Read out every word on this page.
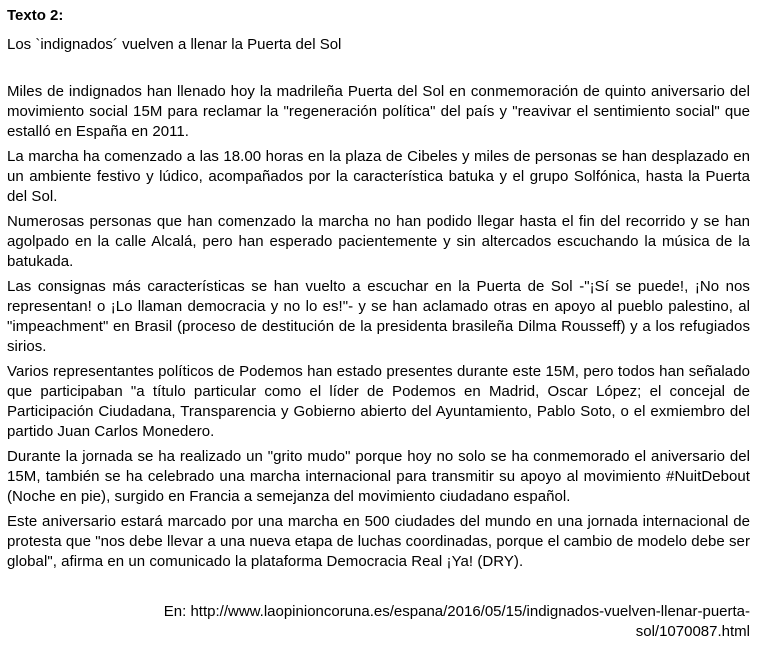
Texto 2:

Los `indignados´ vuelven a llenar la Puerta del Sol

Miles de indignados han llenado hoy la madrileña Puerta del Sol en conmemoración de quinto aniversario del movimiento social 15M para reclamar la "regeneración política" del país y "reavivar el sentimiento social" que estalló en España en 2011.

La marcha ha comenzado a las 18.00 horas en la plaza de Cibeles y miles de personas se han desplazado en un ambiente festivo y lúdico, acompañados por la característica batuka y el grupo Solfónica, hasta la Puerta del Sol.

Numerosas personas que han comenzado la marcha no han podido llegar hasta el fin del recorrido y se han agolpado en la calle Alcalá, pero han esperado pacientemente y sin altercados escuchando la música de la batukada.

Las consignas más características se han vuelto a escuchar en la Puerta de Sol -"¡Sí se puede!, ¡No nos representan! o ¡Lo llaman democracia y no lo es!"- y se han aclamado otras en apoyo al pueblo palestino, al "impeachment" en Brasil (proceso de destitución de la presidenta brasileña Dilma Rousseff) y a los refugiados sirios.

Varios representantes políticos de Podemos han estado presentes durante este 15M, pero todos han señalado que participaban "a título particular como el líder de Podemos en Madrid, Oscar López; el concejal de Participación Ciudadana, Transparencia y Gobierno abierto del Ayuntamiento, Pablo Soto, o el exmiembro del partido Juan Carlos Monedero.

Durante la jornada se ha realizado un "grito mudo" porque hoy no solo se ha conmemorado el aniversario del 15M, también se ha celebrado una marcha internacional para transmitir su apoyo al movimiento #NuitDebout (Noche en pie), surgido en Francia a semejanza del movimiento ciudadano español.

Este aniversario estará marcado por una marcha en 500 ciudades del mundo en una jornada internacional de protesta que "nos debe llevar a una nueva etapa de luchas coordinadas, porque el cambio de modelo debe ser global", afirma en un comunicado la plataforma Democracia Real ¡Ya! (DRY).

En: http://www.laopinioncoruna.es/espana/2016/05/15/indignados-vuelven-llenar-puerta-sol/1070087.html
